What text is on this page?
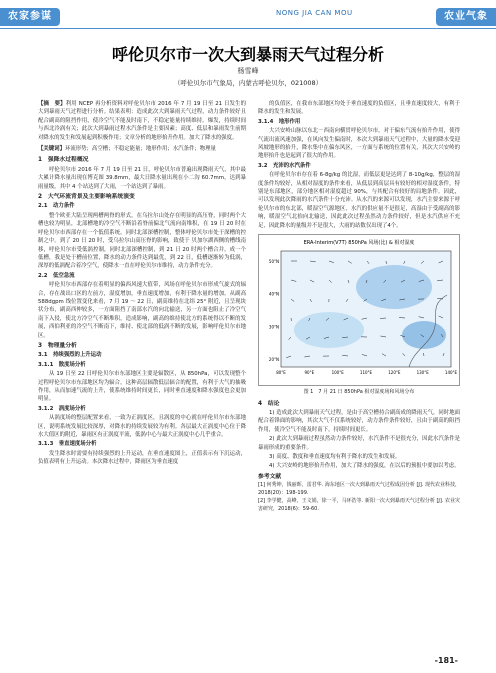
农家参谋	NONG JIA CAN MOU	农业气象
呼伦贝尔市一次大到暴雨天气过程分析
杨雪峰
（呼伦贝尔市气象局，内蒙古呼伦贝尔，021008）
【摘　要】利用 NCEP 再分析资料对呼伦贝尔市 2016 年 7 月 19 日至 21 日发生的大到暴雨天气过程进行分析。结果表明：造成此次大到暴雨天气过程，动力条件较好且配合副高的阻挡作用，使冷空气不能及时南下，不稳定能量持续维持。爆发，持续时间与西北冷涡有关；此次大到暴雨过程水汽条件是主要因素；高度、低层和暴雨发生前期对降水的发生和发展起到积极作用；文章分析的地形抬升作用。加大了降水的强度。
【关键词】环流形势；高空槽；不稳定能量；地形作用；水汽条件；物理量
1　强降水过程概况

呼伦贝尔市 2016 年 7 月 19 日至 21 日，呼伦贝尔市普遍出现降雨天气，其中最大累计降水量出现在博克图 39.8mm，最大日降水量出现在小二沟 60.7mm，达到暴雨量级，其中 4 个站达到了大雨，一个站达到了暴雨。

2　大气环流背景及主要影响系统演变
2.1　动力条件

整个欧亚大陆呈现两槽两脊的形式，在乌拉尔山处存在明显的高压脊，同时两个大槽也较为明显，北部槽地的冷空气不断沿着脊前偏北气流向南堆积，在 19 日 20 时在呼伦贝尔市西部存在一个低值系统，同时北部深槽控制，整体呼伦贝尔市处于深槽的控制之中。到了 20 日 20 时，受乌拉尔山高压脊的影响，致使于 贝加尔湖西侧的槽线南移，呼伦贝尔市受低涡控制，同时北部深槽控制，到 21 日 20 时两个槽合并，成一个低槽，我是处于槽前位置，降水的动力条件达到最优，到 22 日，低槽逐渐转为低涡，深厚的低涡配合着冷空气，使降水一直在呼伦贝尔市维持，动力条件充分。

2.2　低空急流

呼伦贝尔市西部存在着明显的偏西风速大值带，风场在呼伦贝尔市形成气旋式的辐合，存在战出口区的左前方，湿度增加，垂直速度增加，有利于降水量的增加。从副高 588dgpm 线位置变化来看，7 月 19 ～ 22 日，副高维持在北纬 25° 附近，且呈现块状分布，副高西伸较多，一方面阻挡了南部水汽的向北输送，另一方面也阻止了冷空气南下入侵，使北方冷空气不断堆积，造成影响，副高的维持使北方的系统得以不断的发展，西伯利亚的冷空气不断南下，维持、使北部的低涡不断的发展，影响呼伦贝尔市地区。

3　物理量分析
3.1　持续强烈的上升运动
3.1.1　散度场分析

从 19 日至 22 日呼伦贝尔市东部地区主要是辐散区，从 850hPa，可以发现整个过程呼伦贝尔市东部地区均为辐合，这种高层辐散低层辐合的配置，有利于大气的抽吸作用，从而加速气流的上升，使系统维持时间更长，同时垂直速度和降水强度也会更加明显。

3.1.2　涡度场分析

从涡度场的整层配置来看，一致为正涡度区，且涡度的中心就在呼伦贝尔市东部地区，说明系统发展比较深厚，对降水的持续发展较为有利。各层最大正涡度中心位于降水大值区的附近，暴雨区有正涡度平流，低涡中心与最大正涡度中心几乎重合。

3.1.3　垂直速度场分析

发生降水时需要有持续强烈的上升运动，在垂直速度图上，正值表示有下沉运动，负值表明有上升运动。本次降水过程中，降雨区为垂直速度

的负值区，在我市东部地区均处于垂直速度的负值区，且垂直速度较大，有利于降水的发生和发展。

3.1.4　地形作用

大兴安岭山脉以东北－西南向横贯呼伦贝尔市，对于偏东气流有抬升作用，使得气流出流风速加强，在风向发生偏南时，本次大到暴雨天气过程中，大量的降水受迎风坡地形的抬升，降水集中在偏东风区，一方面与系统的位置有关，其次大兴安岭的地形抬升也是起到了很大的作用。

3.2　充沛的水汽条件

在呼伦贝尔市存在着 6-8g/kg 的比湿，而低层更是达到了 8-10g/kg，整层的湿度条件均较好，从相对湿度的条件来看，从低层到高层具有较好的相对湿度条件，特别是东部地区，部分地区相对湿度超过 90%，与其配合有较好的局地条件。因此，可以发现此次降雨的水汽条件十分充沛。从水汽的来源可以发现，水汽主要来源于呼伦贝尔市的东北部，暖湿空气源地区，水汽的供应量不是很足，高湿由于受副高的影响，暖湿空气北抬向北输送，因此此次过程虽然动力条件较好，但是水汽供应不充足，因此降水的量级并不是很大，大雨的站数仅出现了4个。

ERA-Interim(V7T) 850hPa 风场(比) & 相对湿度
80°E	90°E	100°E	110°E	120°E	130°E	140°E
50°N
40°N
30°N
20°N
图 1　7 月 21 日 850hPa 相对湿度场和风场分布
4　结论

1) 造成此次大到暴雨天气过程，是由于高空槽持合副高成的降雨天气，同时地面配合着锋面的影响，其次大气不仅系统较好，动力条件条件较好，且由于副高的阻挡作用，使冷空气不能及时南下，持续时间更长。

2) 此次大到暴雨过程虽然动力条件较好，水汽条件不是很充分，因此水汽条件是暴雨形成的重要条件。

3) 高度、散度和垂直速度均有利于降水的发生和发展。

4) 大兴安岭的地形抬升作用，加大了降水的强度，在以后的预报中要加以考虑。

参考文献

[1] 何秀坤，钱丽晖，雷君华. 海东地区一次大到暴雨天气过程成因分析 [J]. 现代农业科技，2018(20)：198-199.

[2] 李学健，高峰，王文娟，徐一平，马环浩等. 新阳一次大到暴雨天气过程分析 [J]. 农业灾害研究，2018(6)：59-60.

-181-
